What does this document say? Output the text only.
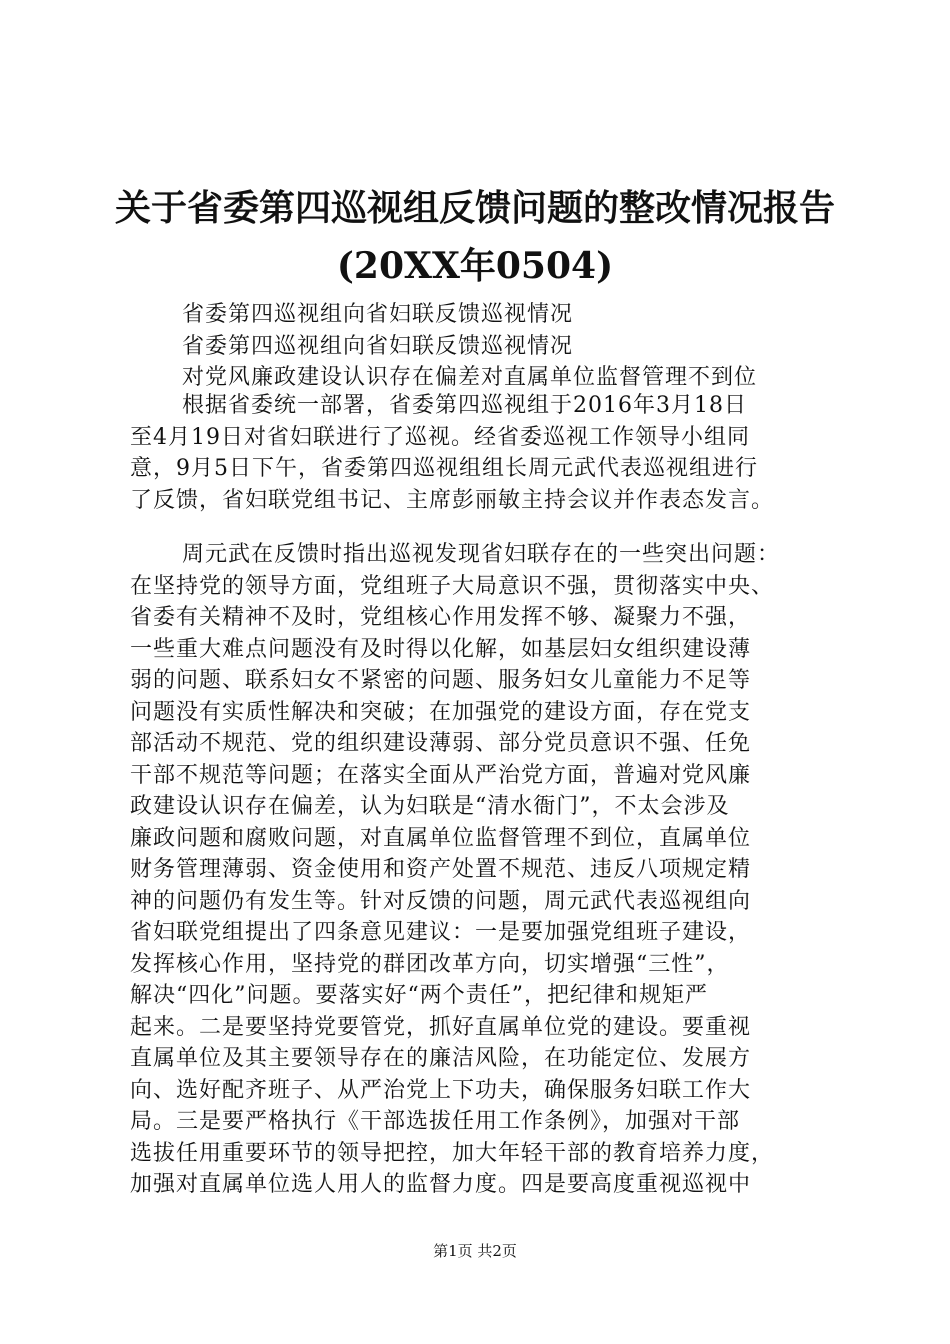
关于省委第四巡视组反馈问题的整改情况报告
(20XX年0504)
省委第四巡视组向省妇联反馈巡视情况
省委第四巡视组向省妇联反馈巡视情况
对党风廉政建设认识存在偏差对直属单位监督管理不到位
根据省委统一部署，省委第四巡视组于2016年3月18日
至4月19日对省妇联进行了巡视。经省委巡视工作领导小组同
意，9月5日下午，省委第四巡视组组长周元武代表巡视组进行
了反馈，省妇联党组书记、主席彭丽敏主持会议并作表态发言。
周元武在反馈时指出巡视发现省妇联存在的一些突出问题：
在坚持党的领导方面，党组班子大局意识不强，贯彻落实中央、
省委有关精神不及时，党组核心作用发挥不够、凝聚力不强，
一些重大难点问题没有及时得以化解，如基层妇女组织建设薄
弱的问题、联系妇女不紧密的问题、服务妇女儿童能力不足等
问题没有实质性解决和突破；在加强党的建设方面，存在党支
部活动不规范、党的组织建设薄弱、部分党员意识不强、任免
干部不规范等问题；在落实全面从严治党方面，普遍对党风廉
政建设认识存在偏差，认为妇联是“清水衙门”，不太会涉及
廉政问题和腐败问题，对直属单位监督管理不到位，直属单位
财务管理薄弱、资金使用和资产处置不规范、违反八项规定精
神的问题仍有发生等。针对反馈的问题，周元武代表巡视组向
省妇联党组提出了四条意见建议：一是要加强党组班子建设，
发挥核心作用，坚持党的群团改革方向，切实增强“三性”，
解决“四化”问题。要落实好“两个责任”，把纪律和规矩严
起来。二是要坚持党要管党，抓好直属单位党的建设。要重视
直属单位及其主要领导存在的廉洁风险，在功能定位、发展方
向、选好配齐班子、从严治党上下功夫，确保服务妇联工作大
局。三是要严格执行《干部选拔任用工作条例》，加强对干部
选拔任用重要环节的领导把控，加大年轻干部的教育培养力度，
加强对直属单位选人用人的监督力度。四是要高度重视巡视中
第1页 共2页
